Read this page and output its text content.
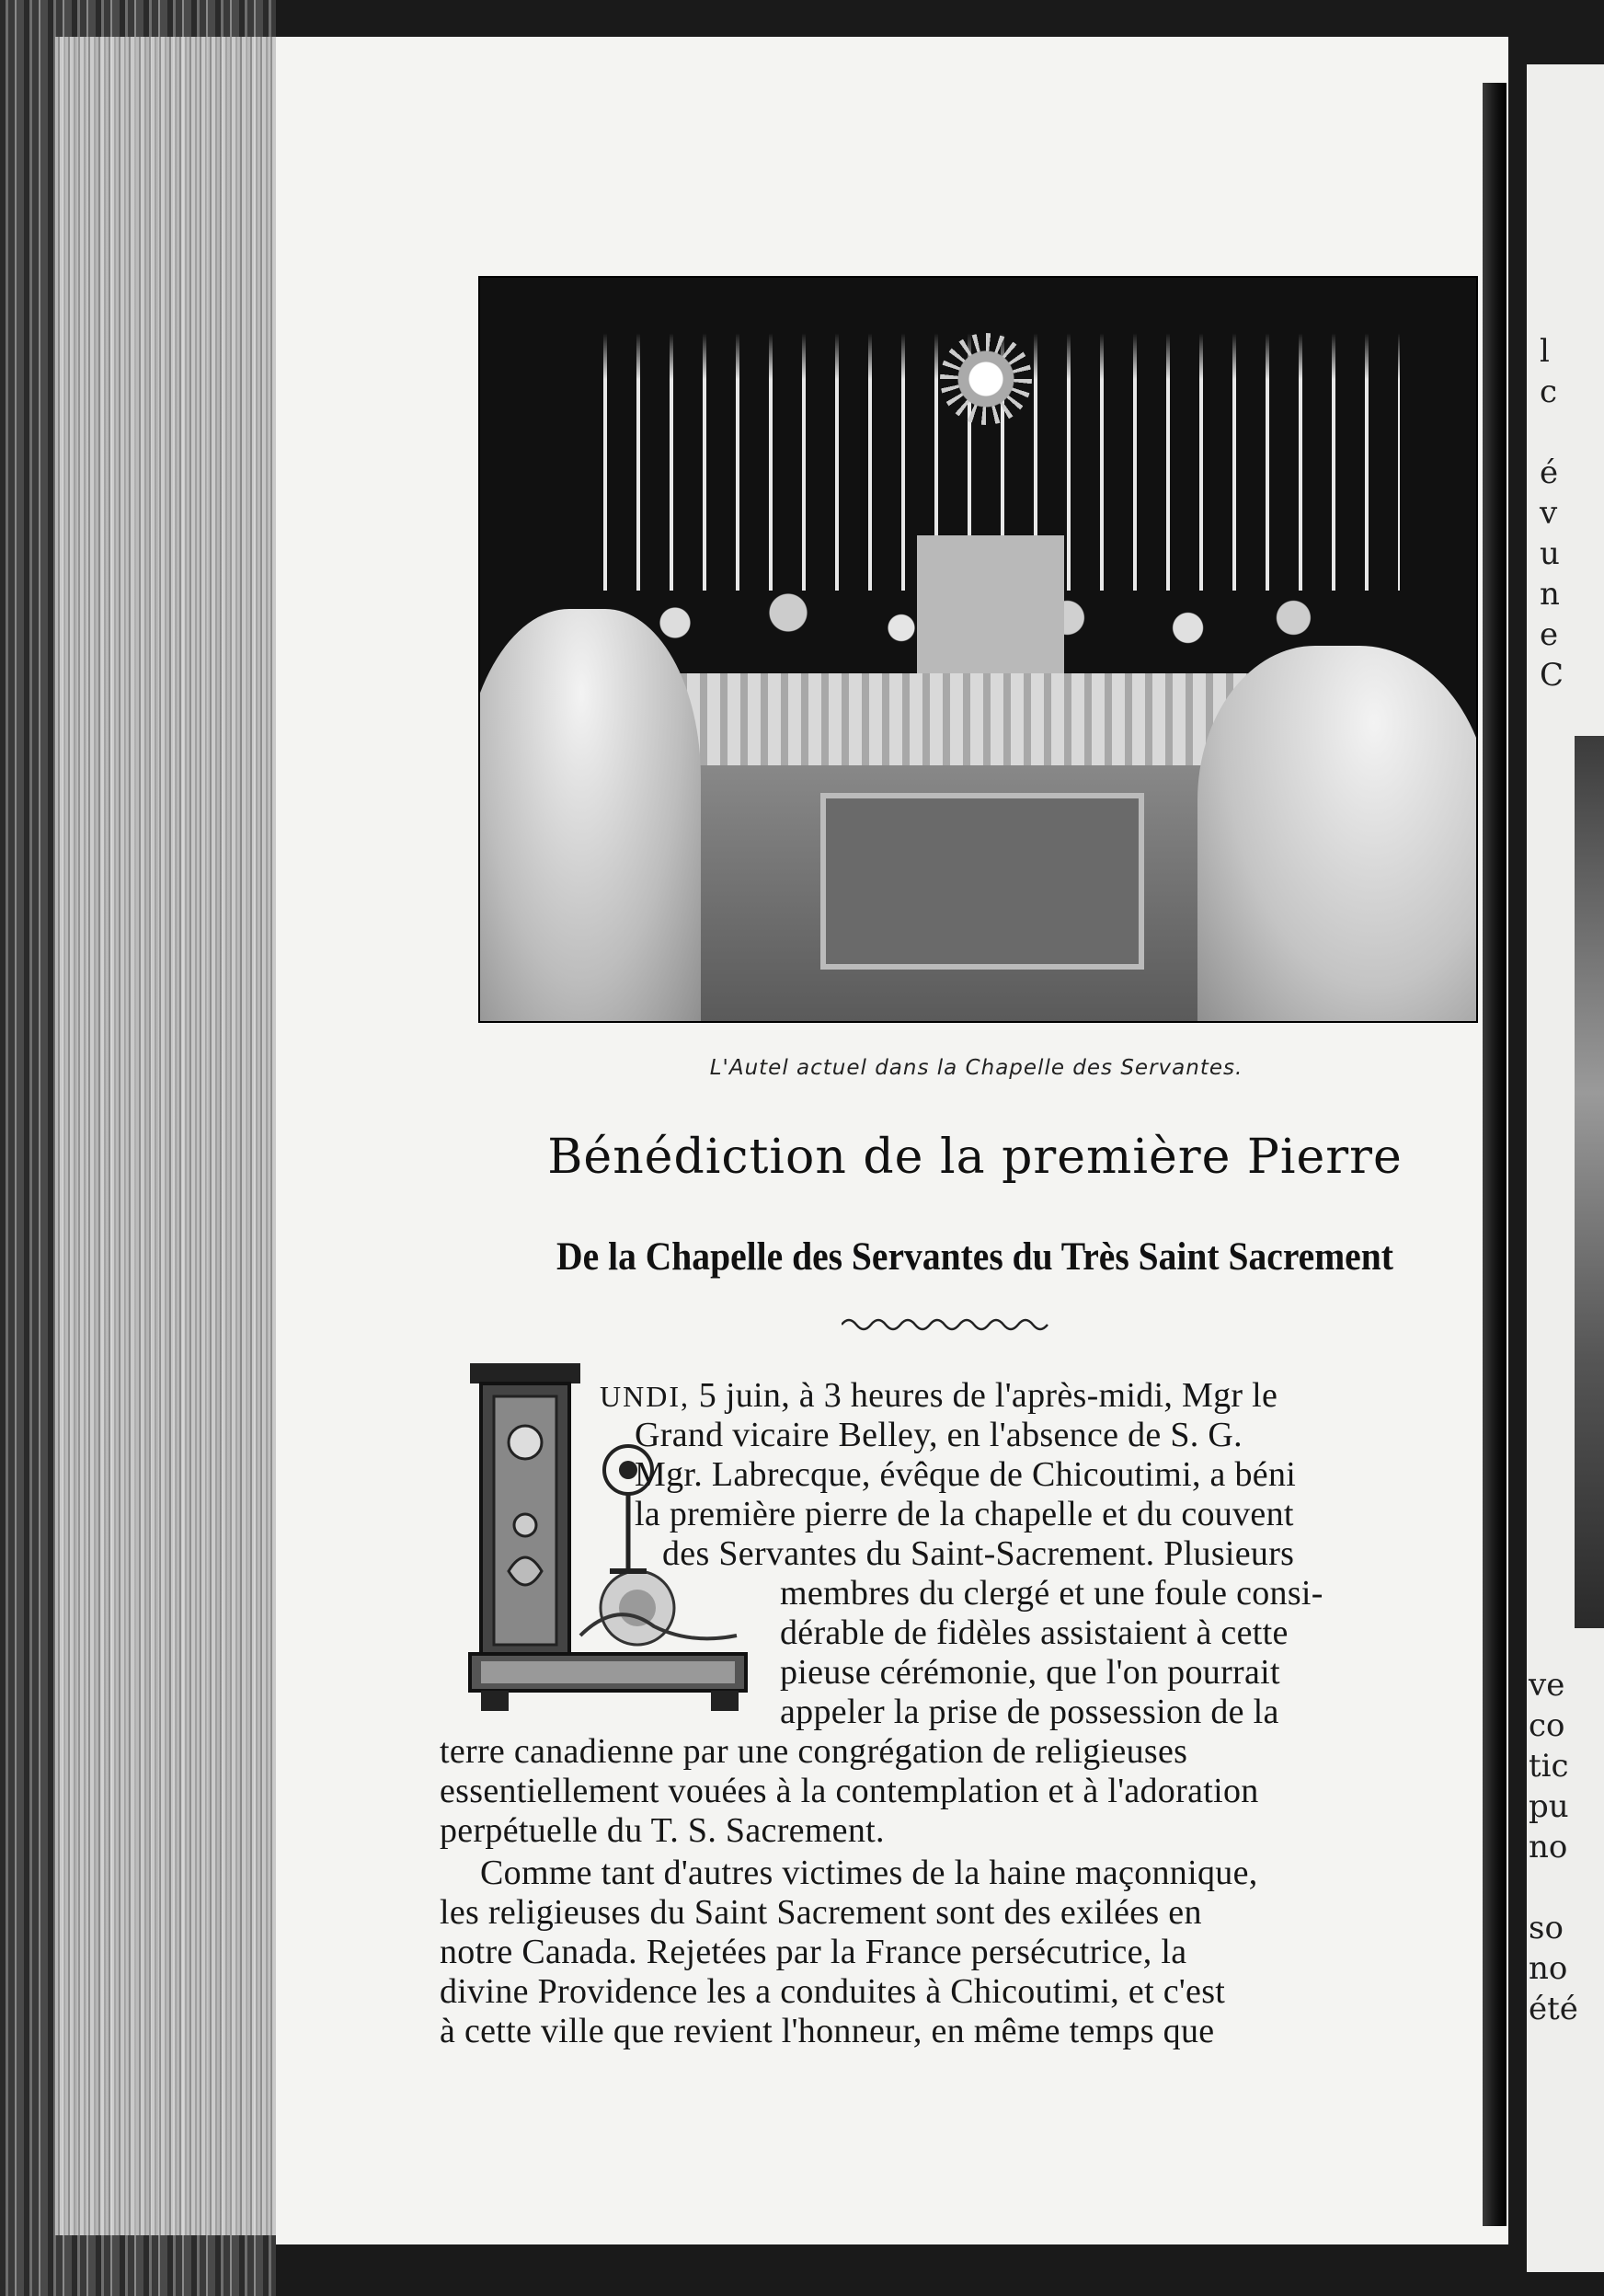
l
c

é
v
u
n
e
C
ve
co
tic
pu
no

so
no
été
L'Autel actuel dans la Chapelle des Servantes.
Bénédiction de la première Pierre
De la Chapelle des Servantes du Très Saint Sacrement
UNDI, 5 juin, à 3 heures de l'après-midi, Mgr le
Grand vicaire Belley, en l'absence de S. G.
Mgr. Labrecque, évêque de Chicoutimi, a béni
la première pierre de la chapelle et du couvent
des Servantes du Saint-Sacrement. Plusieurs
membres du clergé et une foule consi-
dérable de fidèles assistaient à cette
pieuse cérémonie, que l'on pourrait
appeler la prise de possession de la
terre canadienne par une congrégation de religieuses
essentiellement vouées à la contemplation et à l'adoration
perpétuelle du T. S. Sacrement.
Comme tant d'autres victimes de la haine maçonnique,
les religieuses du Saint Sacrement sont des exilées en
notre Canada. Rejetées par la France persécutrice, la
divine Providence les a conduites à Chicoutimi, et c'est
à cette ville que revient l'honneur, en même temps que
